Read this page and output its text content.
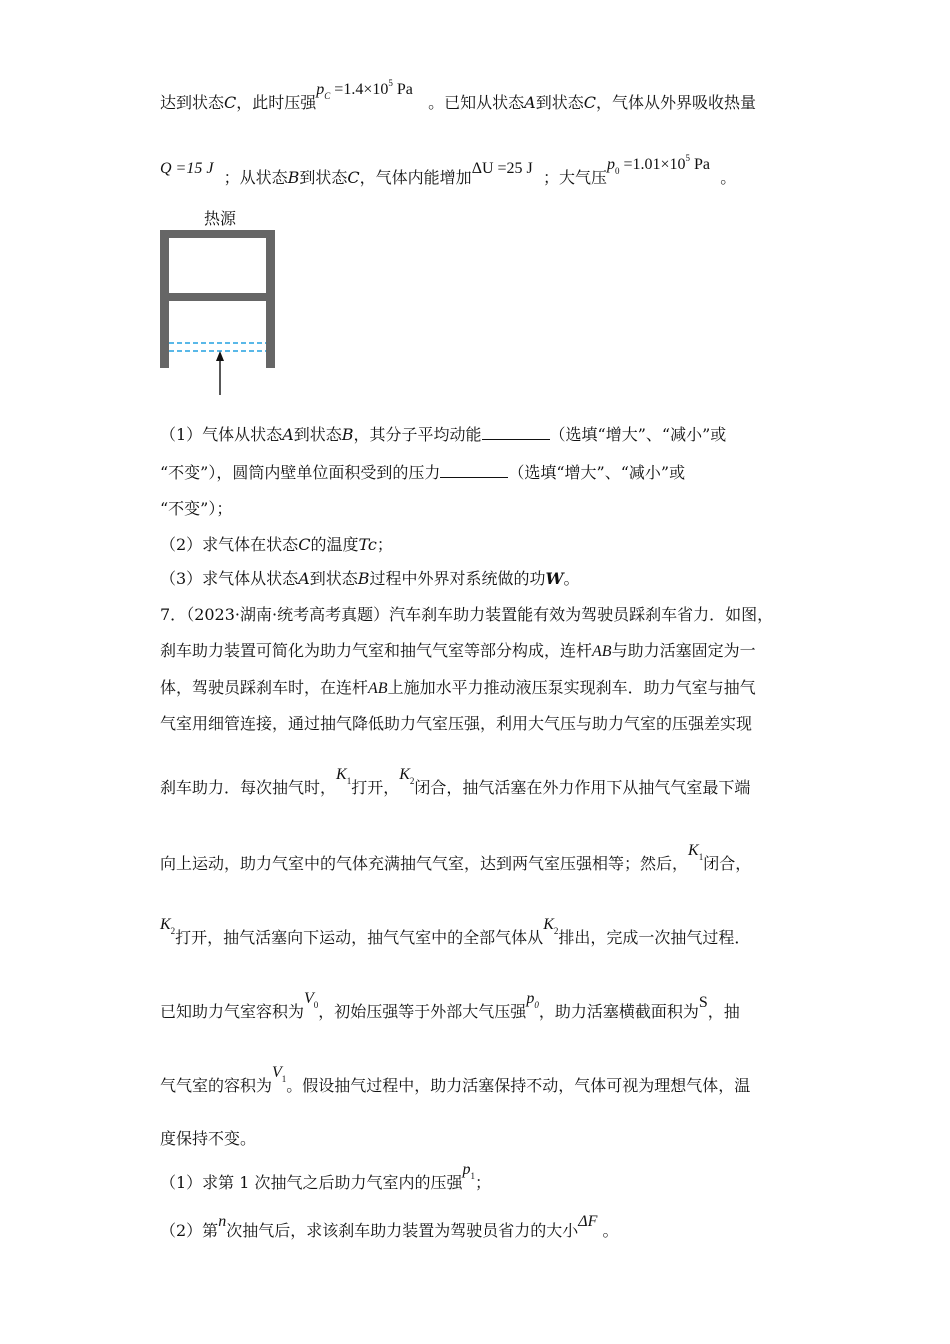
达到状态C，此时压强$p_C =1.4\times 10^5$ Pa   。已知从状态A到状态C，气体从外界吸收热量
Q =15 J ；从状态B到状态C，气体内能增加ΔU =25 J ；大气压$p_0 =1.01\times 10^5$ Pa  。
热源
（1）气体从状态A到状态B，其分子平均动能	（选填“增大”、“减小”或
“不变”），圆筒内壁单位面积受到的压力	（选填“增大”、“减小”或
“不变”）；
（2）求气体在状态C的温度Tc；
（3）求气体从状态A到状态B过程中外界对系统做的功W。
7．（2023·湖南·统考高考真题）汽车刹车助力装置能有效为驾驶员踩刹车省力．如图，
刹车助力装置可简化为助力气室和抽气气室等部分构成，连杆AB与助力活塞固定为一
体，驾驶员踩刹车时，在连杆AB上施加水平力推动液压泵实现刹车．助力气室与抽气
气室用细管连接，通过抽气降低助力气室压强，利用大气压与助力气室的压强差实现
刹车助力．每次抽气时，$K_1$打开，$K_2$闭合，抽气活塞在外力作用下从抽气气室最下端
向上运动，助力气室中的气体充满抽气气室，达到两气室压强相等；然后，$K_1$闭合，
$K_2$打开，抽气活塞向下运动，抽气气室中的全部气体从$K_2$排出，完成一次抽气过程．
已知助力气室容积为$V_0$，初始压强等于外部大气压强$p_0$，助力活塞横截面积为S，抽
气气室的容积为$V_1$。假设抽气过程中，助力活塞保持不动，气体可视为理想气体，温
度保持不变。
（1）求第 1 次抽气之后助力气室内的压强$p_1$；
（2）第n次抽气后，求该刹车助力装置为驾驶员省力的大小ΔF 。
